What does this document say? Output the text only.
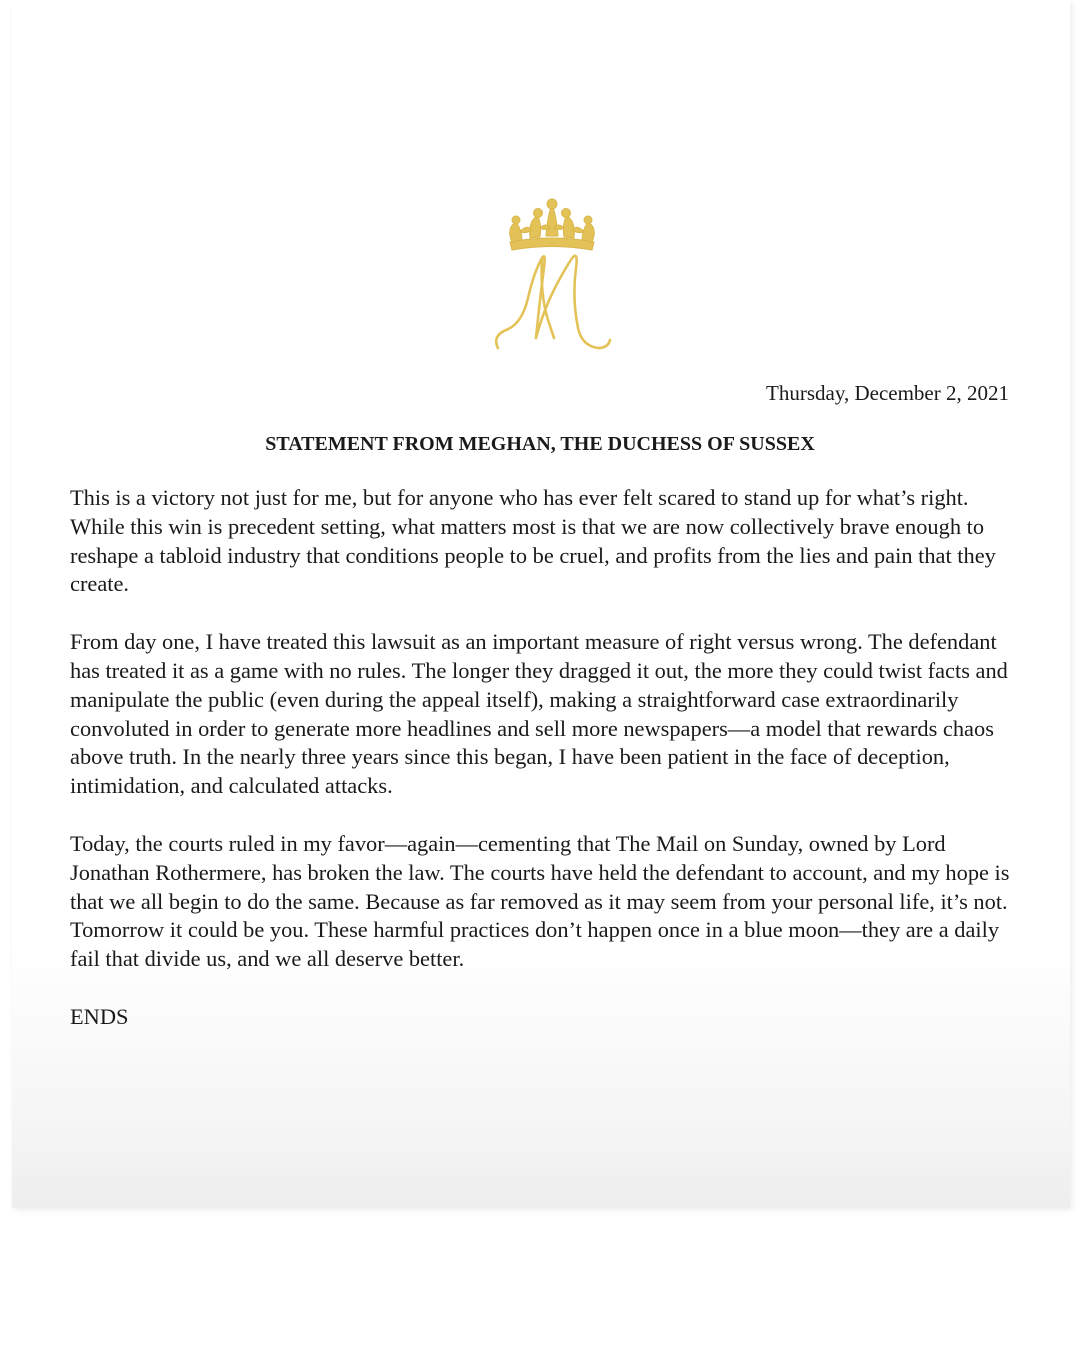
Thursday, December 2, 2021

STATEMENT FROM MEGHAN, THE DUCHESS OF SUSSEX

This is a victory not just for me, but for anyone who has ever felt scared to stand up for what’s right. While this win is precedent setting, what matters most is that we are now collectively brave enough to reshape a tabloid industry that conditions people to be cruel, and profits from the lies and pain that they create.

From day one, I have treated this lawsuit as an important measure of right versus wrong. The defendant has treated it as a game with no rules. The longer they dragged it out, the more they could twist facts and manipulate the public (even during the appeal itself), making a straightforward case extraordinarily convoluted in order to generate more headlines and sell more newspapers—a model that rewards chaos above truth. In the nearly three years since this began, I have been patient in the face of deception, intimidation, and calculated attacks.

Today, the courts ruled in my favor—again—cementing that The Mail on Sunday, owned by Lord Jonathan Rothermere, has broken the law. The courts have held the defendant to account, and my hope is that we all begin to do the same. Because as far removed as it may seem from your personal life, it’s not. Tomorrow it could be you. These harmful practices don’t happen once in a blue moon—they are a daily fail that divide us, and we all deserve better.

ENDS
